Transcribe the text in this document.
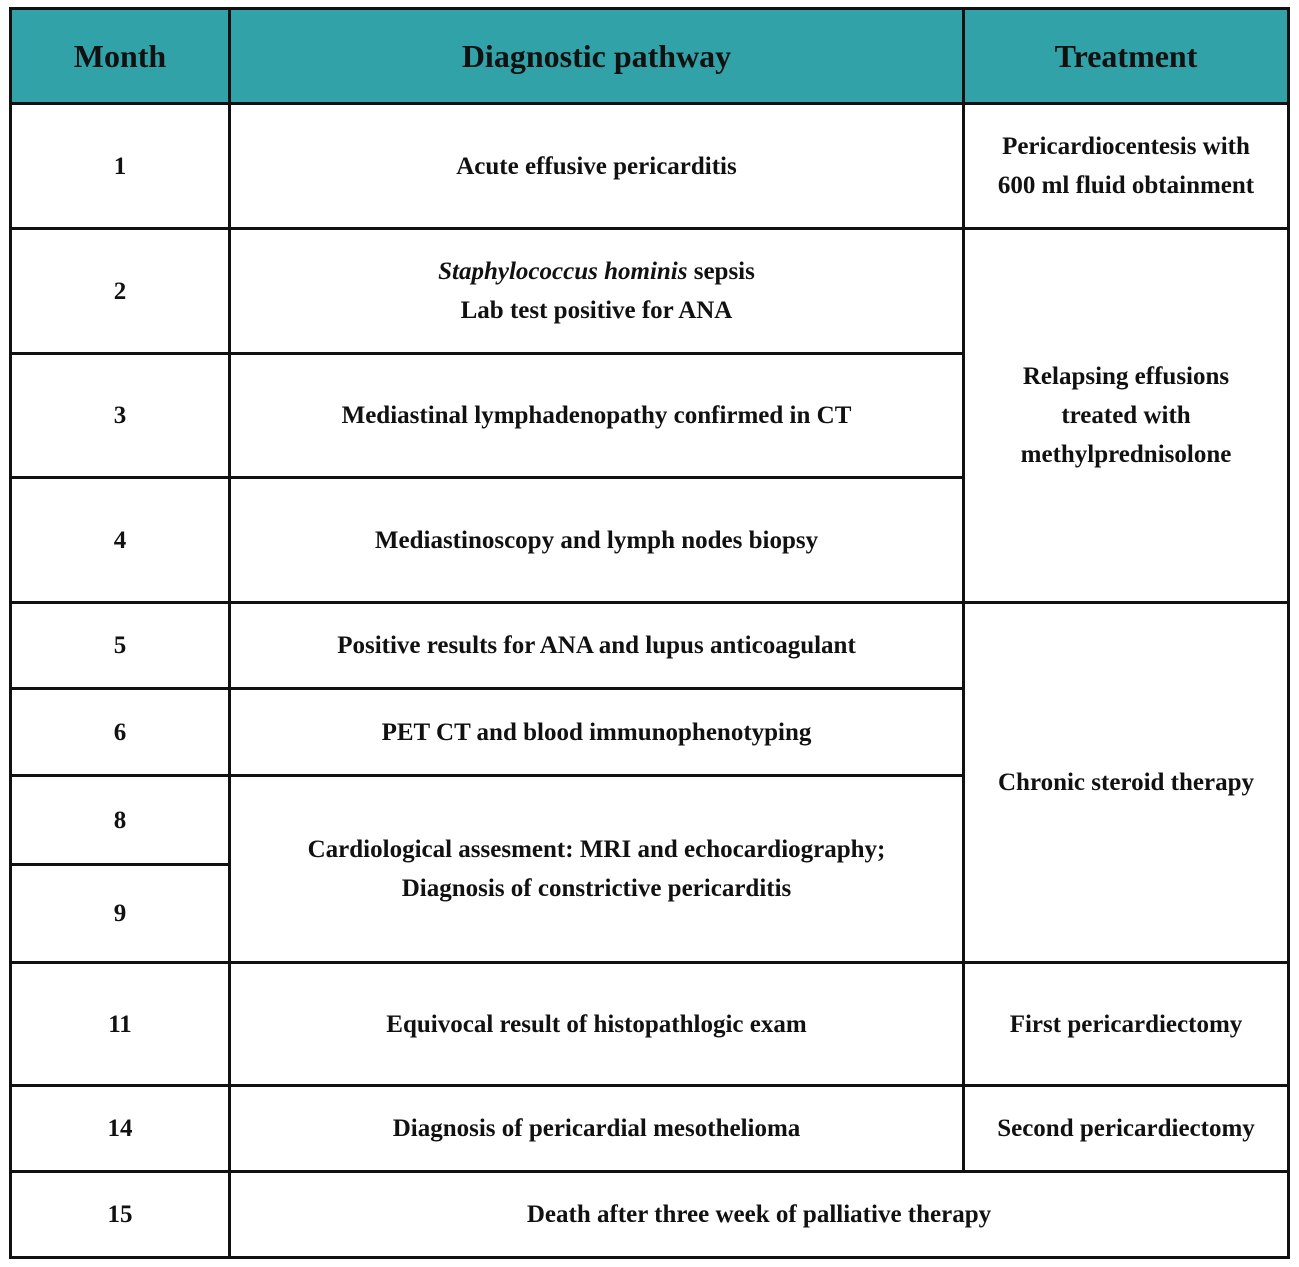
Month	Diagnostic pathway	Treatment
1	Acute effusive pericarditis	Pericardiocentesis with
600 ml fluid obtainment

2	Staphylococcus hominis sepsis
Lab test positive for ANA	Relapsing effusions
treated with
methylprednisolone

3	Mediastinal lymphadenopathy confirmed in CT	
4	Mediastinoscopy and lymph nodes biopsy	
5	Positive results for ANA and lupus anticoagulant	Chronic steroid therapy
6	PET CT and blood immunophenotyping	
8	Cardiological assesment: MRI and echocardiography;
Diagnosis of constrictive pericarditis	

9		
11	Equivocal result of histopathlogic exam	First pericardiectomy
14	Diagnosis of pericardial mesothelioma	Second pericardiectomy
15	Death after three week of palliative therapy	
